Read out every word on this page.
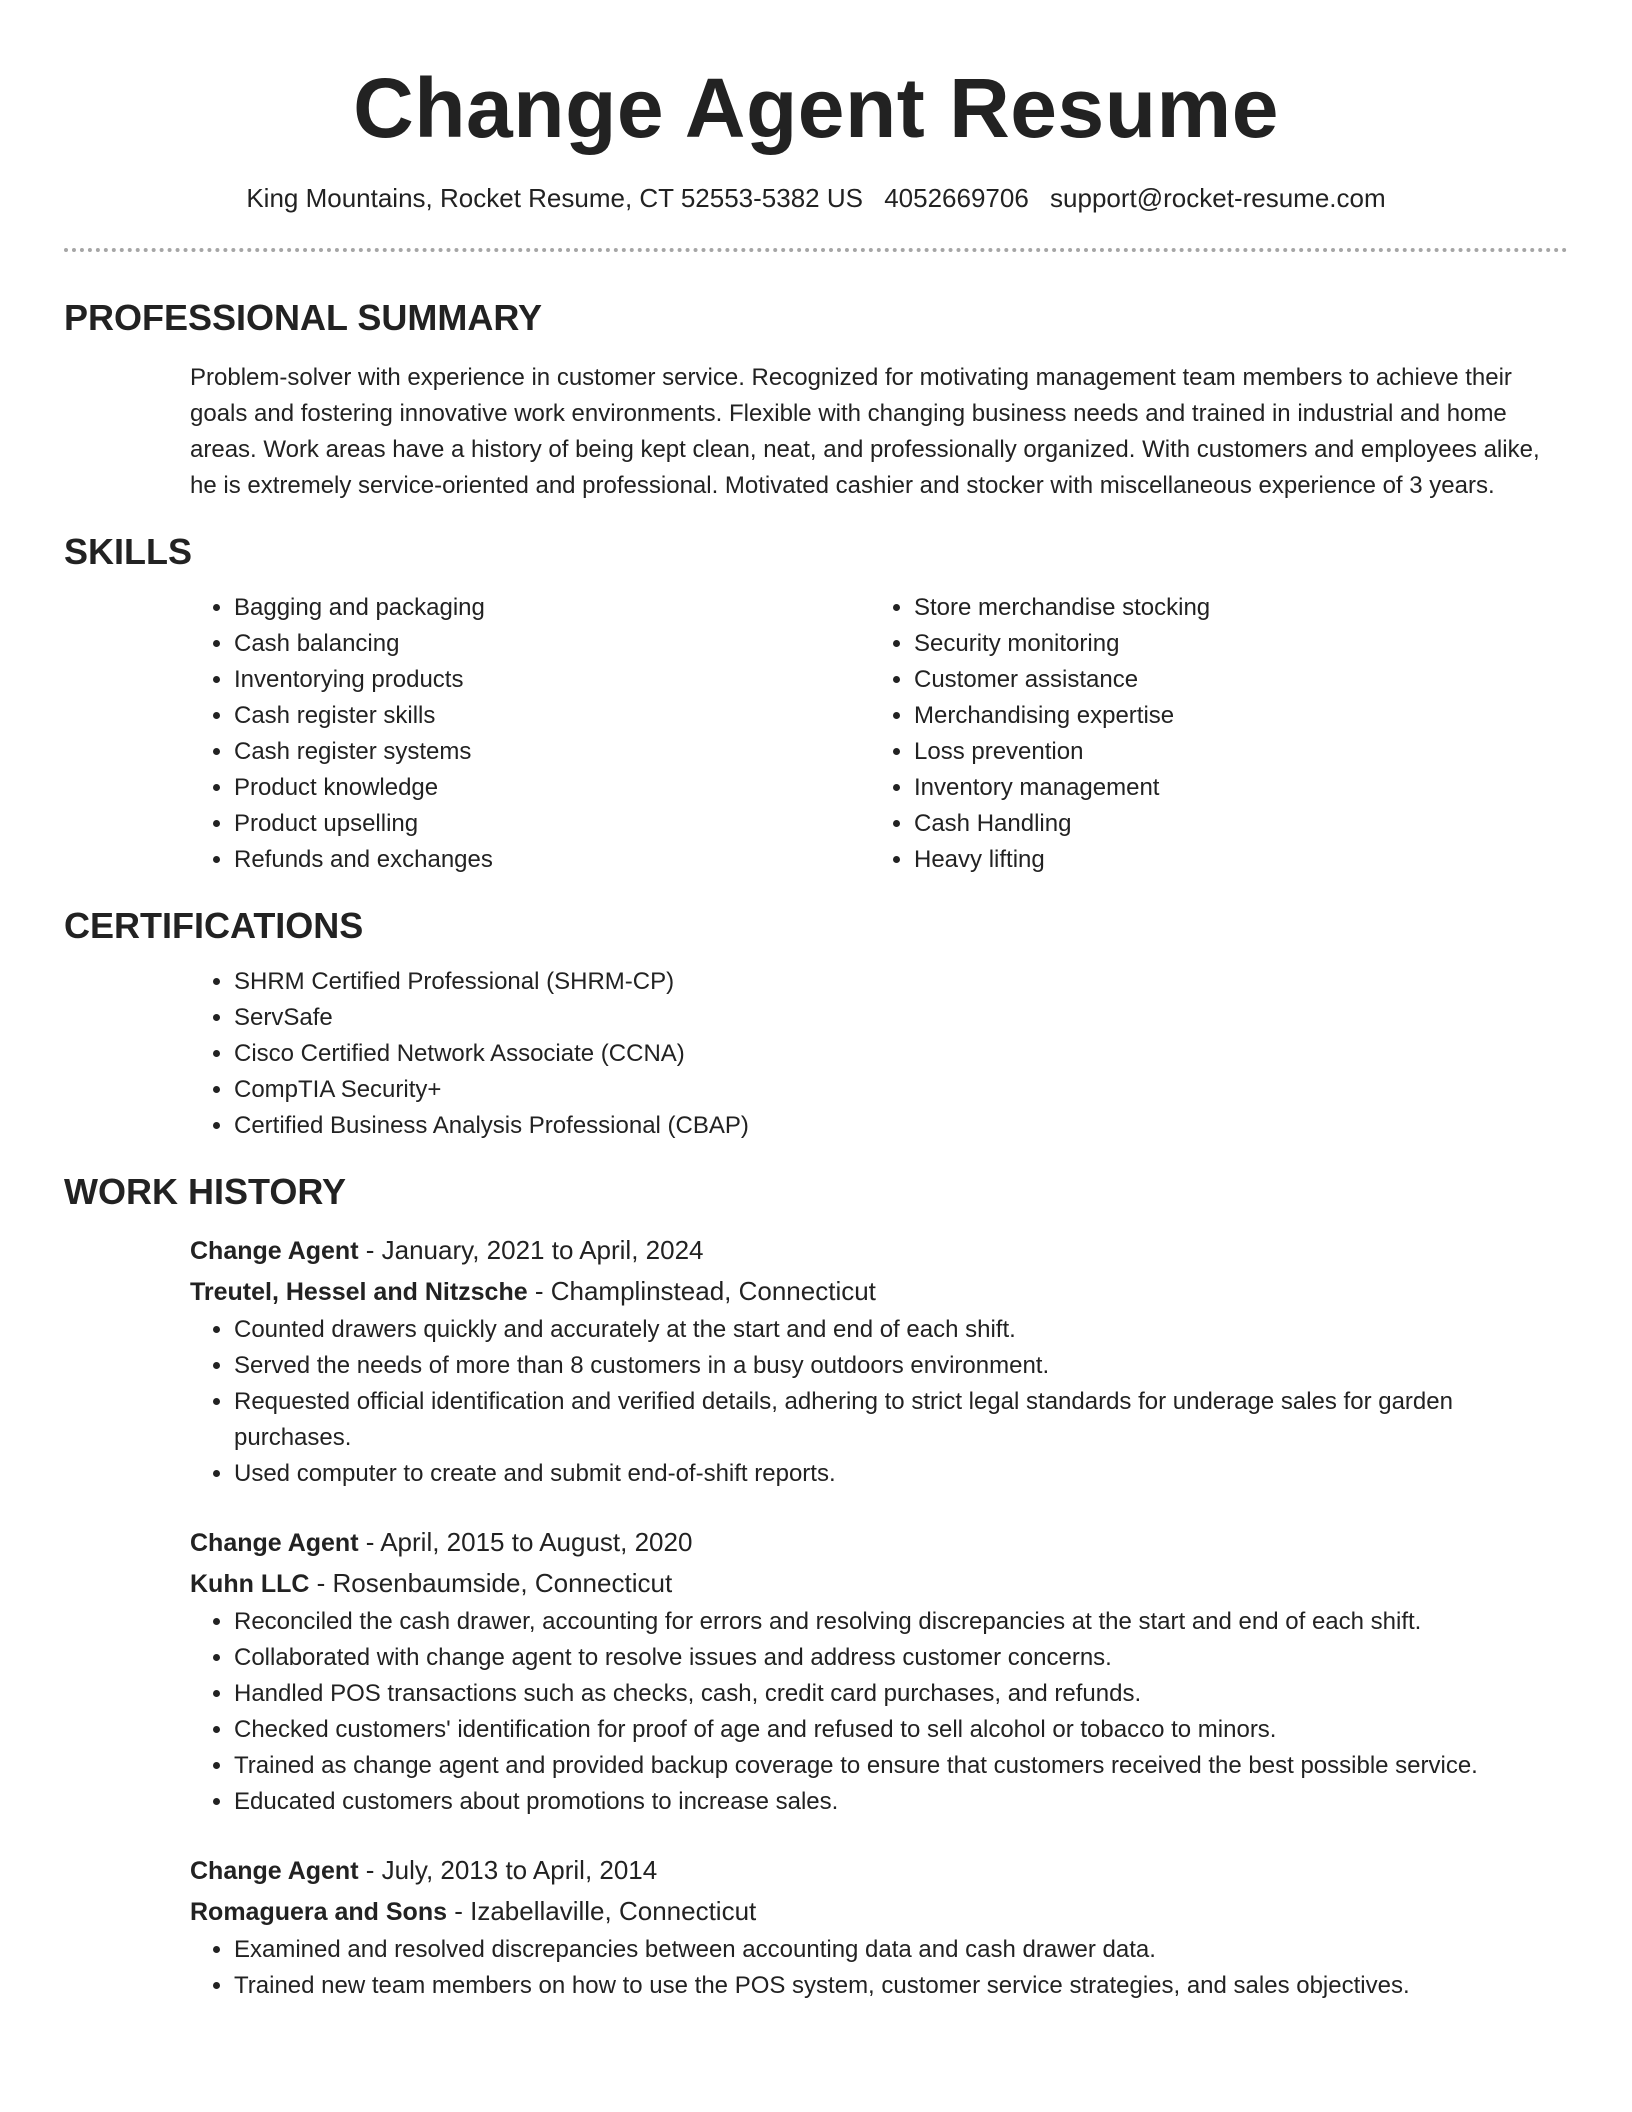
Change Agent Resume
King Mountains, Rocket Resume, CT 52553-5382 US 4052669706 support@rocket-resume.com
PROFESSIONAL SUMMARY
Problem-solver with experience in customer service. Recognized for motivating management team members to achieve their goals and fostering innovative work environments. Flexible with changing business needs and trained in industrial and home areas. Work areas have a history of being kept clean, neat, and professionally organized. With customers and employees alike, he is extremely service-oriented and professional. Motivated cashier and stocker with miscellaneous experience of 3 years.
SKILLS
• Bagging and packaging
• Cash balancing
• Inventorying products
• Cash register skills
• Cash register systems
• Product knowledge
• Product upselling
• Refunds and exchanges
• Store merchandise stocking
• Security monitoring
• Customer assistance
• Merchandising expertise
• Loss prevention
• Inventory management
• Cash Handling
• Heavy lifting
CERTIFICATIONS
• SHRM Certified Professional (SHRM-CP)
• ServSafe
• Cisco Certified Network Associate (CCNA)
• CompTIA Security+
• Certified Business Analysis Professional (CBAP)
WORK HISTORY
Change Agent - January, 2021 to April, 2024
Treutel, Hessel and Nitzsche - Champlinstead, Connecticut
• Counted drawers quickly and accurately at the start and end of each shift.
• Served the needs of more than 8 customers in a busy outdoors environment.
• Requested official identification and verified details, adhering to strict legal standards for underage sales for garden purchases.
• Used computer to create and submit end-of-shift reports.
Change Agent - April, 2015 to August, 2020
Kuhn LLC - Rosenbaumside, Connecticut
• Reconciled the cash drawer, accounting for errors and resolving discrepancies at the start and end of each shift.
• Collaborated with change agent to resolve issues and address customer concerns.
• Handled POS transactions such as checks, cash, credit card purchases, and refunds.
• Checked customers' identification for proof of age and refused to sell alcohol or tobacco to minors.
• Trained as change agent and provided backup coverage to ensure that customers received the best possible service.
• Educated customers about promotions to increase sales.
Change Agent - July, 2013 to April, 2014
Romaguera and Sons - Izabellaville, Connecticut
• Examined and resolved discrepancies between accounting data and cash drawer data.
• Trained new team members on how to use the POS system, customer service strategies, and sales objectives.
